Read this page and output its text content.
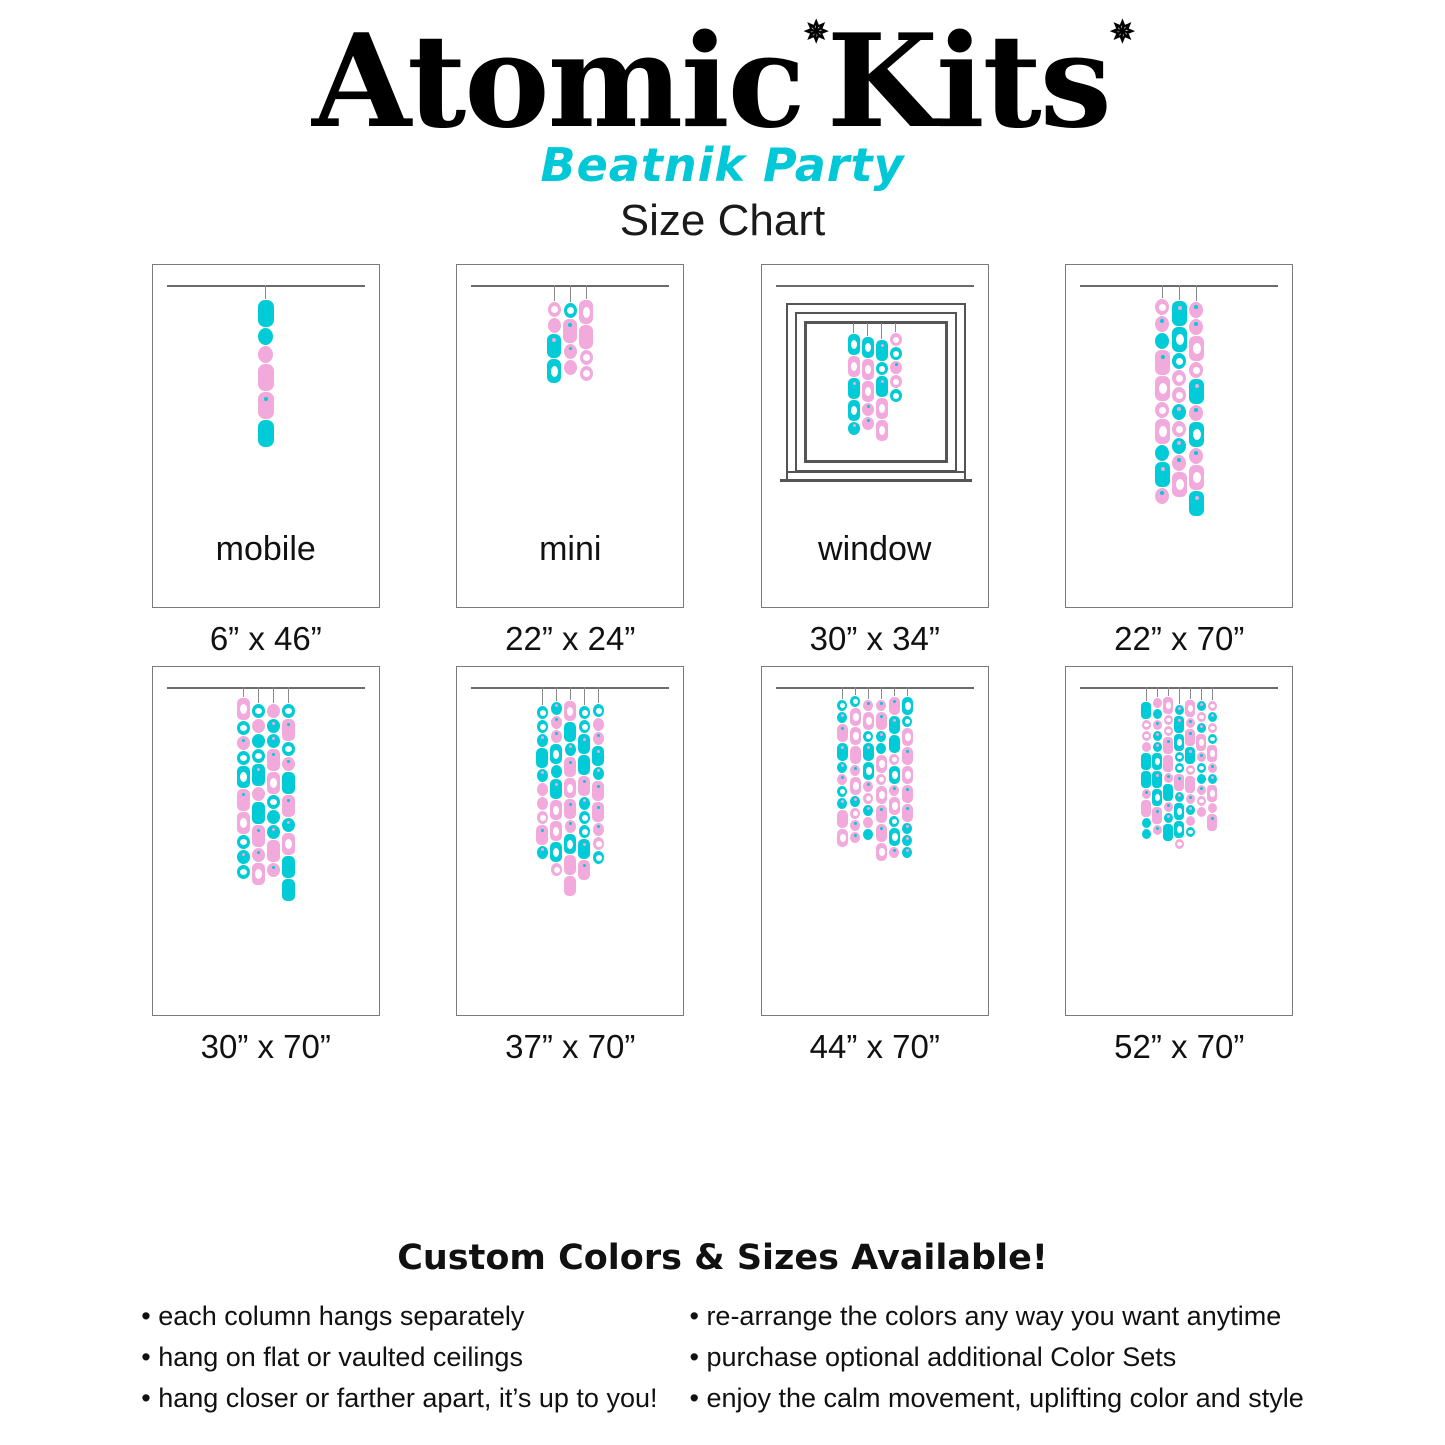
Atomic✵Kits✵
Beatnik Party
Size Chart
mobile
6” x 46”
mini
22” x 24”
window
30” x 34”	22” x 70”
30” x 70”	37” x 70”	44” x 70”	52” x 70”
Custom Colors & Sizes Available!
• each column hangs separately
• hang on flat or vaulted ceilings
• hang closer or farther apart, it’s up to you!
• re-arrange the colors any way you want anytime
• purchase optional additional Color Sets
• enjoy the calm movement, uplifting color and style
